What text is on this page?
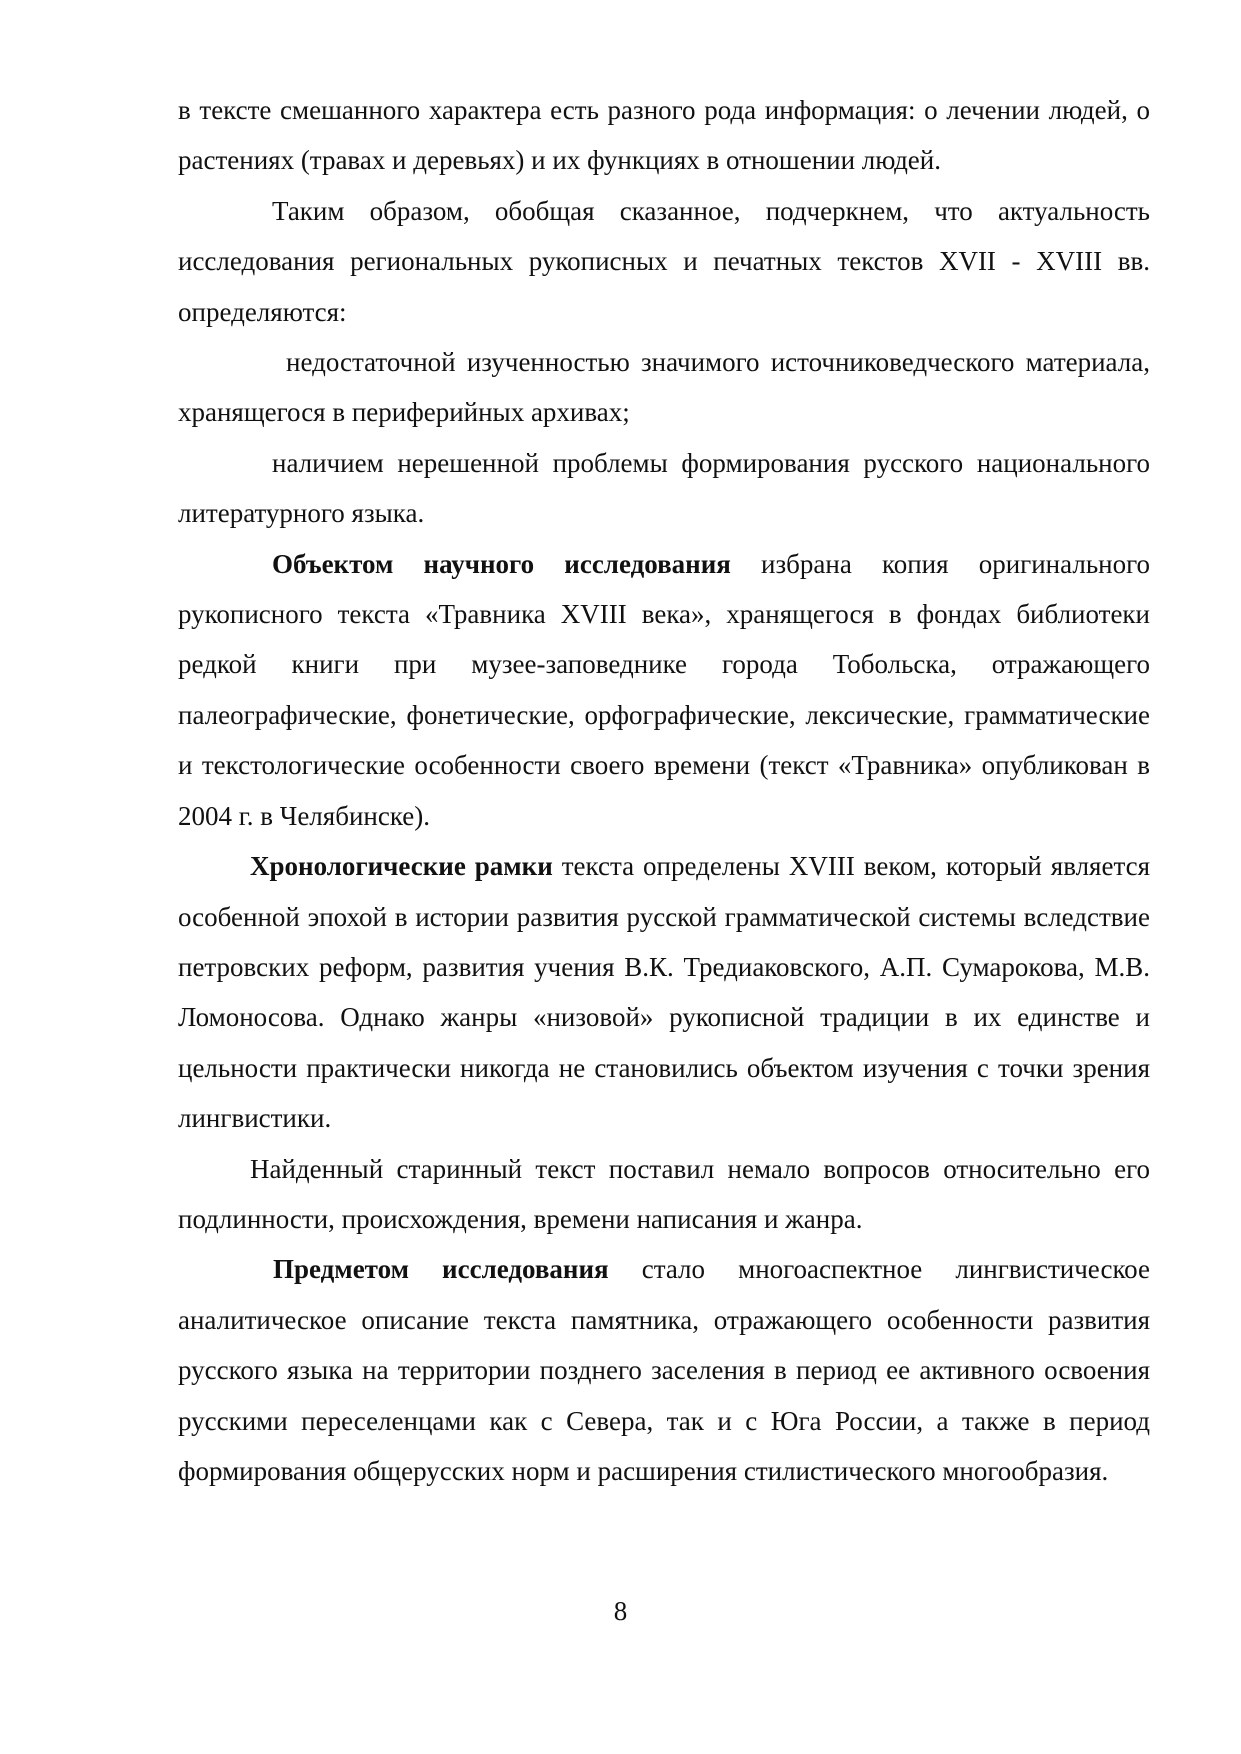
в тексте смешанного характера есть разного рода информация: о лечении людей, о растениях (травах и деревьях) и их функциях в отношении людей.

Таким образом, обобщая сказанное, подчеркнем, что актуальность исследования региональных рукописных и печатных текстов XVII - XVIII вв. определяются:

недостаточной изученностью значимого источниковедческого материала, хранящегося в периферийных архивах;

наличием нерешенной проблемы формирования русского национального литературного языка.

Объектом научного исследования избрана копия оригинального рукописного текста «Травника XVIII века», хранящегося в фондах библиотеки редкой книги при музее-заповеднике города Тобольска, отражающего палеографические, фонетические, орфографические, лексические, грамматические и текстологические особенности своего времени (текст «Травника» опубликован в 2004 г. в Челябинске).

Хронологические рамки текста определены XVIII веком, который является особенной эпохой в истории развития русской грамматической системы вследствие петровских реформ, развития учения В.К. Тредиаковского, А.П. Сумарокова, М.В. Ломоносова. Однако жанры «низовой» рукописной традиции в их единстве и цельности практически никогда не становились объектом изучения с точки зрения лингвистики.

Найденный старинный текст поставил немало вопросов относительно его подлинности, происхождения, времени написания и жанра.

Предметом исследования стало многоаспектное лингвистическое аналитическое описание текста памятника, отражающего особенности развития русского языка на территории позднего заселения в период ее активного освоения русскими переселенцами как с Севера, так и с Юга России, а также в период формирования общерусских норм и расширения стилистического многообразия.

8
